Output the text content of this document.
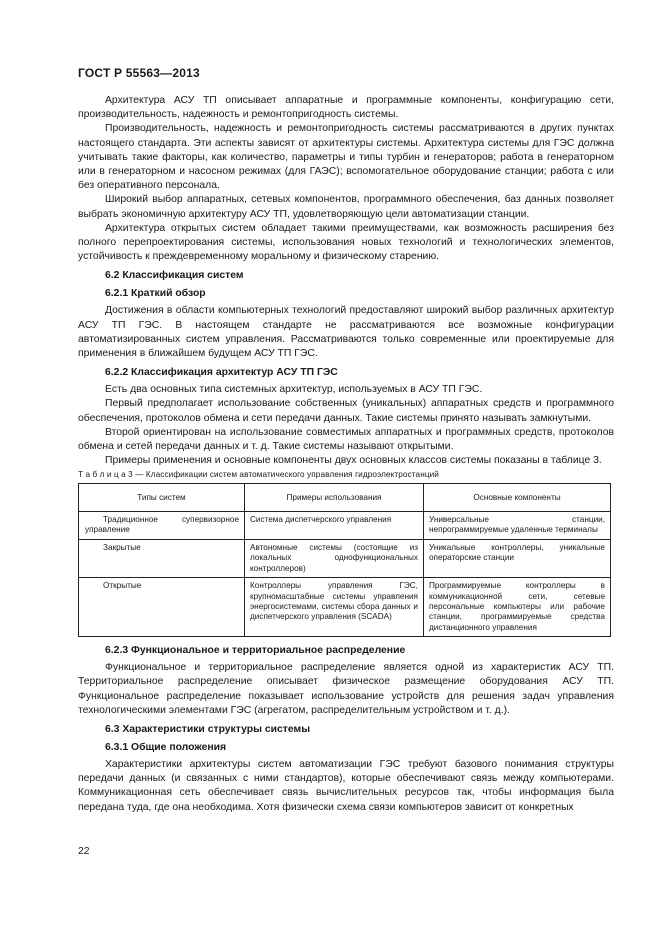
ГОСТ Р 55563—2013

Архитектура АСУ ТП описывает аппаратные и программные компоненты, конфигурацию сети, производительность, надежность и ремонтопригодность системы.

Производительность, надежность и ремонтопригодность системы рассматриваются в других пунктах настоящего стандарта. Эти аспекты зависят от архитектуры системы. Архитектура системы для ГЭС должна учитывать такие факторы, как количество, параметры и типы турбин и генераторов; работа в генераторном или в генераторном и насосном режимах (для ГАЭС); вспомогательное оборудование станции; работа с или без оперативного персонала.

Широкий выбор аппаратных, сетевых компонентов, программного обеспечения, баз данных позволяет выбрать экономичную архитектуру АСУ ТП, удовлетворяющую цели автоматизации станции.

Архитектура открытых систем обладает такими преимуществами, как возможность расширения без полного перепроектирования системы, использования новых технологий и технологических элементов, устойчивость к преждевременному моральному и физическому старению.

6.2 Классификация систем
6.2.1 Краткий обзор

Достижения в области компьютерных технологий предоставляют широкий выбор различных архитектур АСУ ТП ГЭС. В настоящем стандарте не рассматриваются все возможные конфигурации автоматизированных систем управления. Рассматриваются только современные или проектируемые для применения в ближайшем будущем АСУ ТП ГЭС.

6.2.2 Классификация архитектур АСУ ТП ГЭС

Есть два основных типа системных архитектур, используемых в АСУ ТП ГЭС.

Первый предполагает использование собственных (уникальных) аппаратных средств и программного обеспечения, протоколов обмена и сети передачи данных. Такие системы принято называть замкнутыми.

Второй ориентирован на использование совместимых аппаратных и программных средств, протоколов обмена и сетей передачи данных и т. д. Такие системы называют открытыми.

Примеры применения и основные компоненты двух основных классов системы показаны в таблице 3.

Т а б л и ц а 3 — Классификации систем автоматического управления гидроэлектростанций

Типы систем	Примеры использования	Основные компоненты

Традиционное супервизорное управление	Система диспетчерского управления	Универсальные станции, непрограммируемые удаленные терминалы

Закрытые	Автономные системы (состоящие из локальных однофункциональных контроллеров)	Уникальные контроллеры, уникальные операторские станции

Открытые	Контроллеры управления ГЭС, крупномасштабные системы управления энергосистемами, системы сбора данных и диспетчерского управления (SCADA)	Программируемые контроллеры в коммуникационной сети, сетевые персональные компьютеры или рабочие станции, программируемые средства дистанционного управления
6.2.3 Функциональное и территориальное распределение

Функциональное и территориальное распределение является одной из характеристик АСУ ТП. Территориальное распределение описывает физическое размещение оборудования АСУ ТП. Функциональное распределение показывает использование устройств для решения задач управления технологическими элементами ГЭС (агрегатом, распределительным устройством и т. д.).

6.3 Характеристики структуры системы
6.3.1 Общие положения

Характеристики архитектуры систем автоматизации ГЭС требуют базового понимания структуры передачи данных (и связанных с ними стандартов), которые обеспечивают связь между компьютерами. Коммуникационная сеть обеспечивает связь вычислительных ресурсов так, чтобы информация была передана туда, где она необходима. Хотя физически схема связи компьютеров зависит от конкретных

22
